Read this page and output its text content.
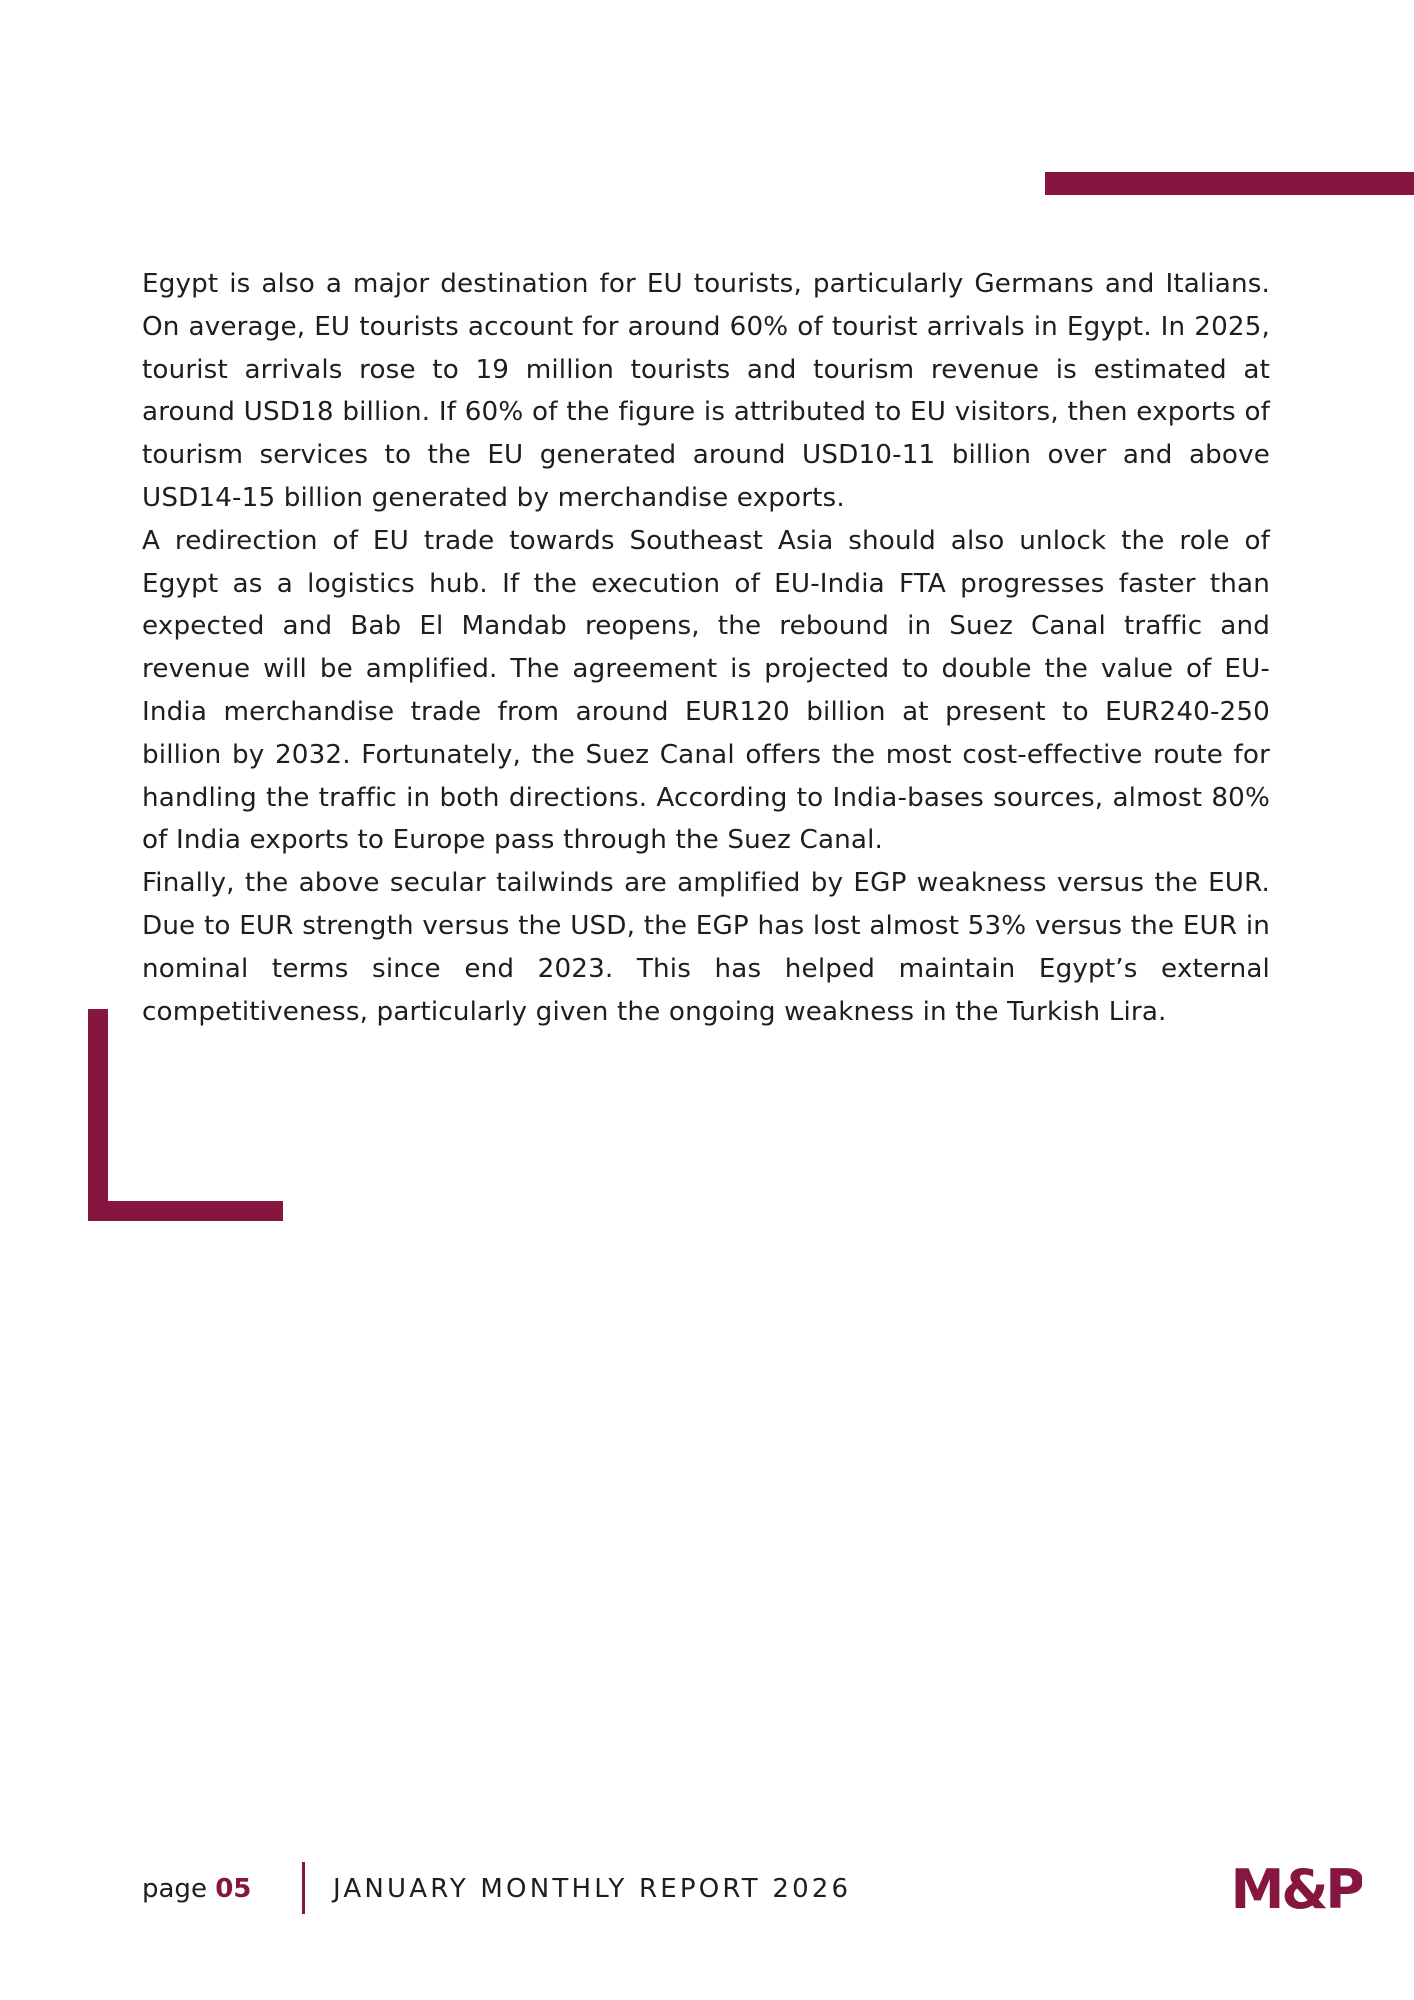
Egypt is also a major destination for EU tourists, particularly Germans and Italians. On average, EU tourists account for around 60% of tourist arrivals in Egypt. In 2025, tourist arrivals rose to 19 million tourists and tourism revenue is estimated at around USD18 billion. If 60% of the figure is attributed to EU visitors, then exports of tourism services to the EU generated around USD10-11 billion over and above USD14-15 billion generated by merchandise exports.

A redirection of EU trade towards Southeast Asia should also unlock the role of Egypt as a logistics hub. If the execution of EU-India FTA progresses faster than expected and Bab El Mandab reopens, the rebound in Suez Canal traffic and revenue will be amplified. The agreement is projected to double the value of EU-India merchandise trade from around EUR120 billion at present to EUR240-250 billion by 2032. Fortunately, the Suez Canal offers the most cost-effective route for handling the traffic in both directions. According to India-bases sources, almost 80% of India exports to Europe pass through the Suez Canal.

Finally, the above secular tailwinds are amplified by EGP weakness versus the EUR. Due to EUR strength versus the USD, the EGP has lost almost 53% versus the EUR in nominal terms since end 2023. This has helped maintain Egypt’s external competitiveness, particularly given the ongoing weakness in the Turkish Lira.

page 05	JANUARY MONTHLY REPORT 2026	M&P
